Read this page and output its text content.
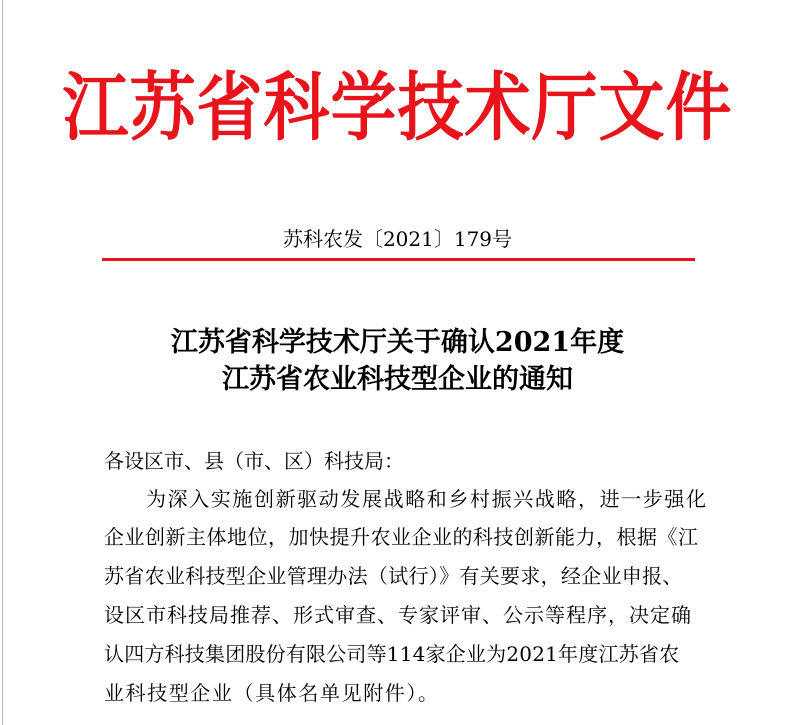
江苏省科学技术厅文件
苏科农发〔2021〕179号
江苏省科学技术厅关于确认2021年度
江苏省农业科技型企业的通知
各设区市、县（市、区）科技局：
为深入实施创新驱动发展战略和乡村振兴战略，进一步强化
企业创新主体地位，加快提升农业企业的科技创新能力，根据《江
苏省农业科技型企业管理办法（试行）》有关要求，经企业申报、
设区市科技局推荐、形式审查、专家评审、公示等程序，决定确
认四方科技集团股份有限公司等114家企业为2021年度江苏省农
业科技型企业（具体名单见附件）。
